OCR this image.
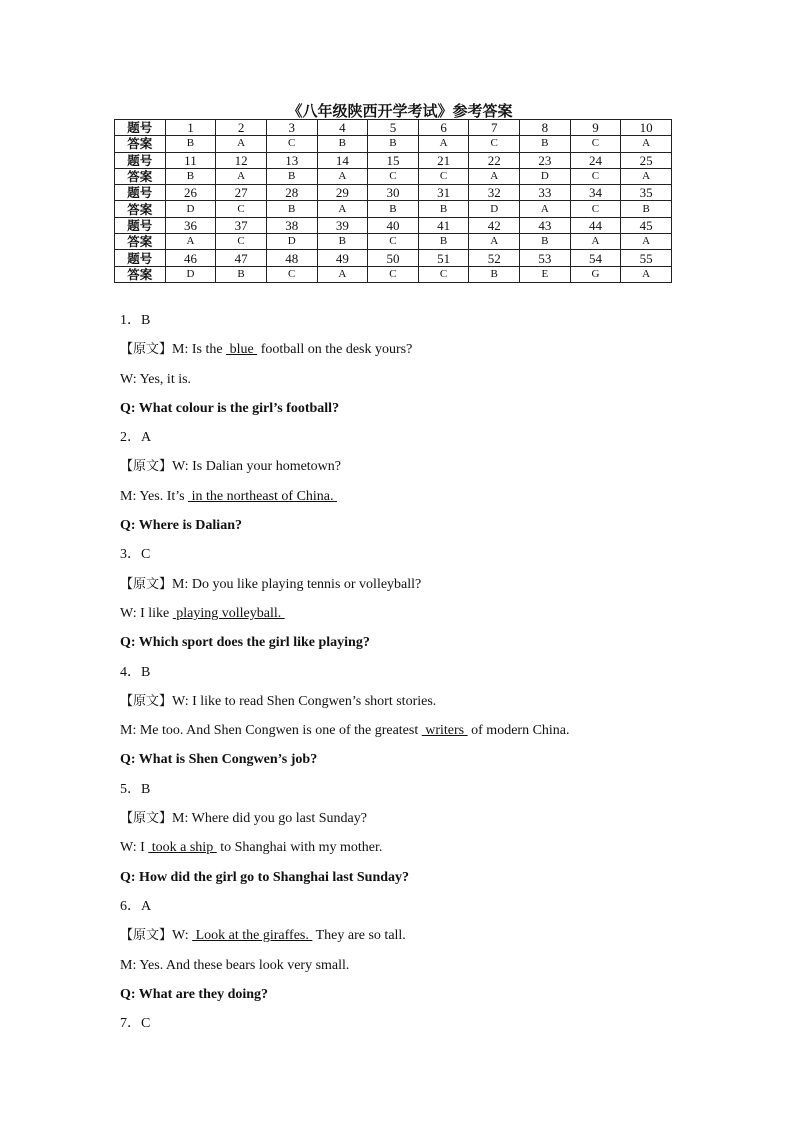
《八年级陕西开学考试》参考答案
题号	1	2	3	4	5	6	7	8	9	10
答案	B	A	C	B	B	A	C	B	C	A
题号	11	12	13	14	15	21	22	23	24	25
答案	B	A	B	A	C	C	A	D	C	A
题号	26	27	28	29	30	31	32	33	34	35
答案	D	C	B	A	B	B	D	A	C	B
题号	36	37	38	39	40	41	42	43	44	45
答案	A	C	D	B	C	B	A	B	A	A
题号	46	47	48	49	50	51	52	53	54	55
答案	D	B	C	A	C	C	B	E	G	A
1．B
【原文】M: Is the  blue  football on the desk yours?
W: Yes, it is.
Q: What colour is the girl’s football?
2．A
【原文】W: Is Dalian your hometown?
M: Yes. It’s  in the northeast of China.
Q: Where is Dalian?
3．C
【原文】M: Do you like playing tennis or volleyball?
W: I like  playing volleyball.
Q: Which sport does the girl like playing?
4．B
【原文】W: I like to read Shen Congwen’s short stories.
M: Me too. And Shen Congwen is one of the greatest  writers  of modern China.
Q: What is Shen Congwen’s job?
5．B
【原文】M: Where did you go last Sunday?
W: I  took a ship  to Shanghai with my mother.
Q: How did the girl go to Shanghai last Sunday?
6．A
【原文】W:  Look at the giraffes.  They are so tall.
M: Yes. And these bears look very small.
Q: What are they doing?
7．C
